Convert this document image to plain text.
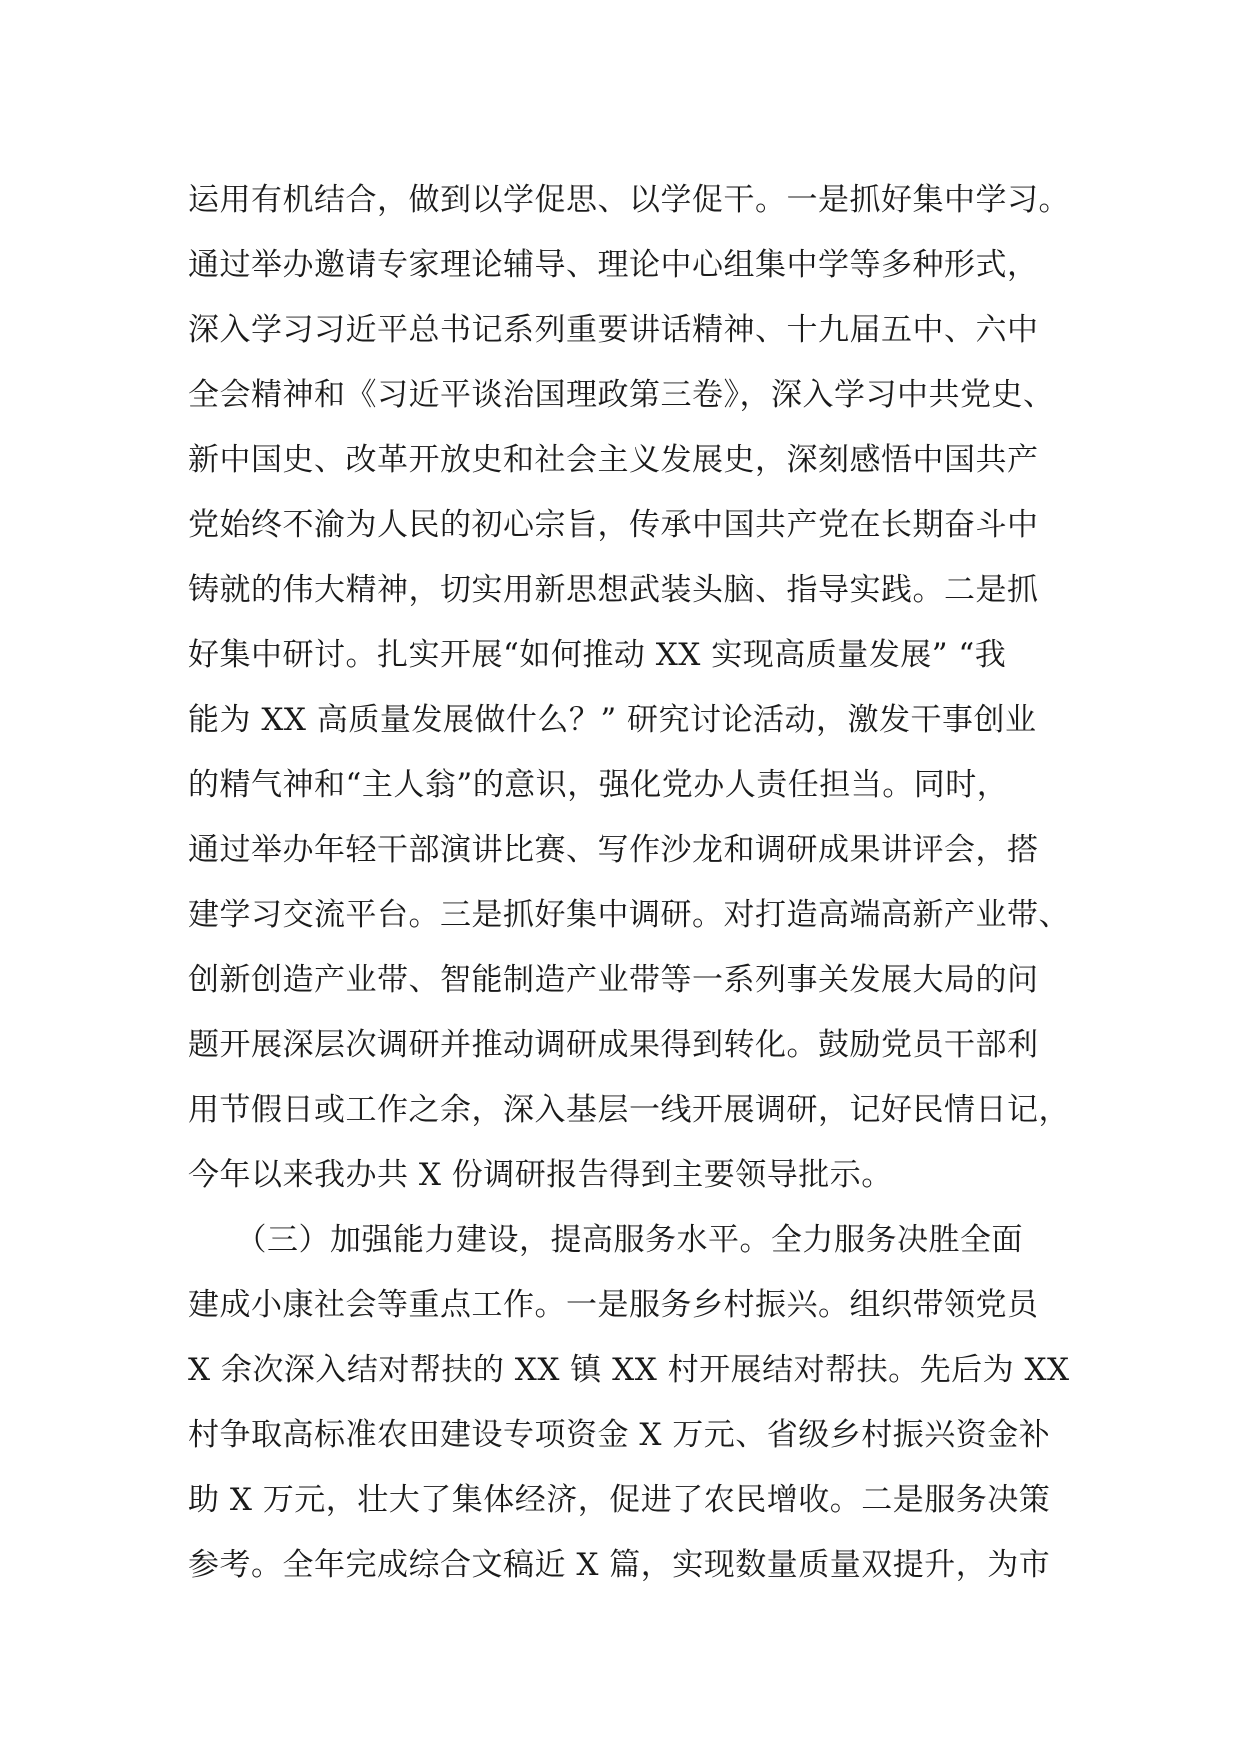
运用有机结合，做到以学促思、以学促干。一是抓好集中学习。
通过举办邀请专家理论辅导、理论中心组集中学等多种形式，
深入学习习近平总书记系列重要讲话精神、十九届五中、六中
全会精神和《习近平谈治国理政第三卷》，深入学习中共党史、
新中国史、改革开放史和社会主义发展史，深刻感悟中国共产
党始终不渝为人民的初心宗旨，传承中国共产党在长期奋斗中
铸就的伟大精神，切实用新思想武装头脑、指导实践。二是抓
好集中研讨。扎实开展“如何推动 XX 实现高质量发展” “我
能为 XX 高质量发展做什么？” 研究讨论活动，激发干事创业
的精气神和“主人翁”的意识，强化党办人责任担当。同时，
通过举办年轻干部演讲比赛、写作沙龙和调研成果讲评会，搭
建学习交流平台。三是抓好集中调研。对打造高端高新产业带、
创新创造产业带、智能制造产业带等一系列事关发展大局的问
题开展深层次调研并推动调研成果得到转化。鼓励党员干部利
用节假日或工作之余，深入基层一线开展调研，记好民情日记，
今年以来我办共 X 份调研报告得到主要领导批示。
　　（三）加强能力建设，提高服务水平。全力服务决胜全面
建成小康社会等重点工作。一是服务乡村振兴。组织带领党员
X 余次深入结对帮扶的 XX 镇 XX 村开展结对帮扶。先后为 XX
村争取高标准农田建设专项资金 X 万元、省级乡村振兴资金补
助 X 万元，壮大了集体经济，促进了农民增收。二是服务决策
参考。全年完成综合文稿近 X 篇，实现数量质量双提升，为市
